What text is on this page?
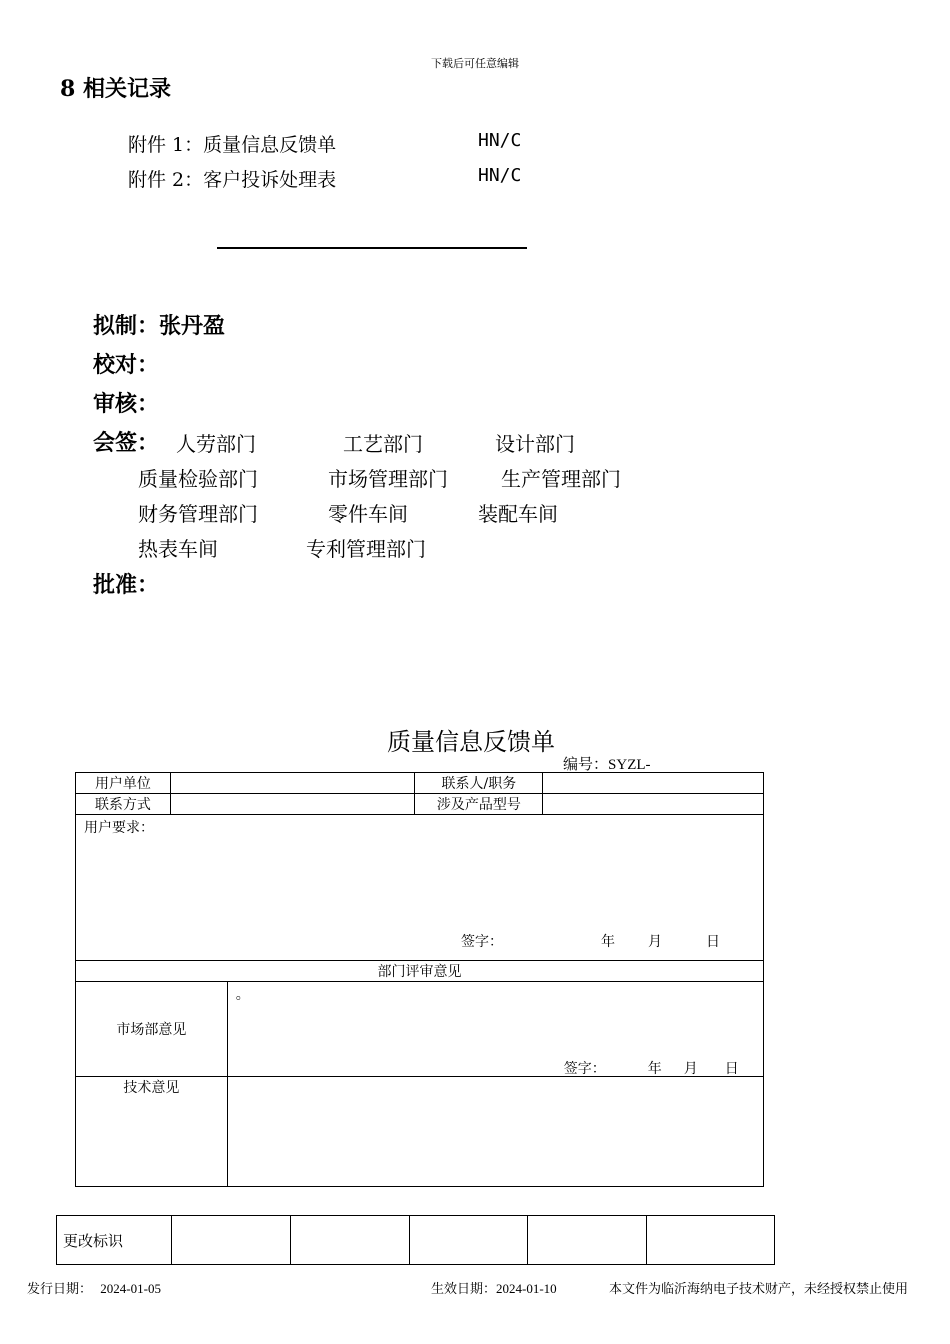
下载后可任意编辑
8 相关记录
附件 1：质量信息反馈单	HN/C
附件 2：客户投诉处理表	HN/C
拟制：张丹盈
校对：
审核：
会签： 人劳部门	工艺部门	设计部门
质量检验部门	市场管理部门	生产管理部门
财务管理部门	零件车间	装配车间
热表车间	专利管理部门
批准：
质量信息反馈单
编号：SYZL-
用户单位			联系人/职务	
联系方式			涉及产品型号	

用户要求：
签字： 年 月 日				

部门评审意见				
市场部意见		。
签字： 年 月 日		

技术意见				
更改标识					
发行日期： 2024-01-05	生效日期：2024-01-10	本文件为临沂海纳电子技术财产，未经授权禁止使用
